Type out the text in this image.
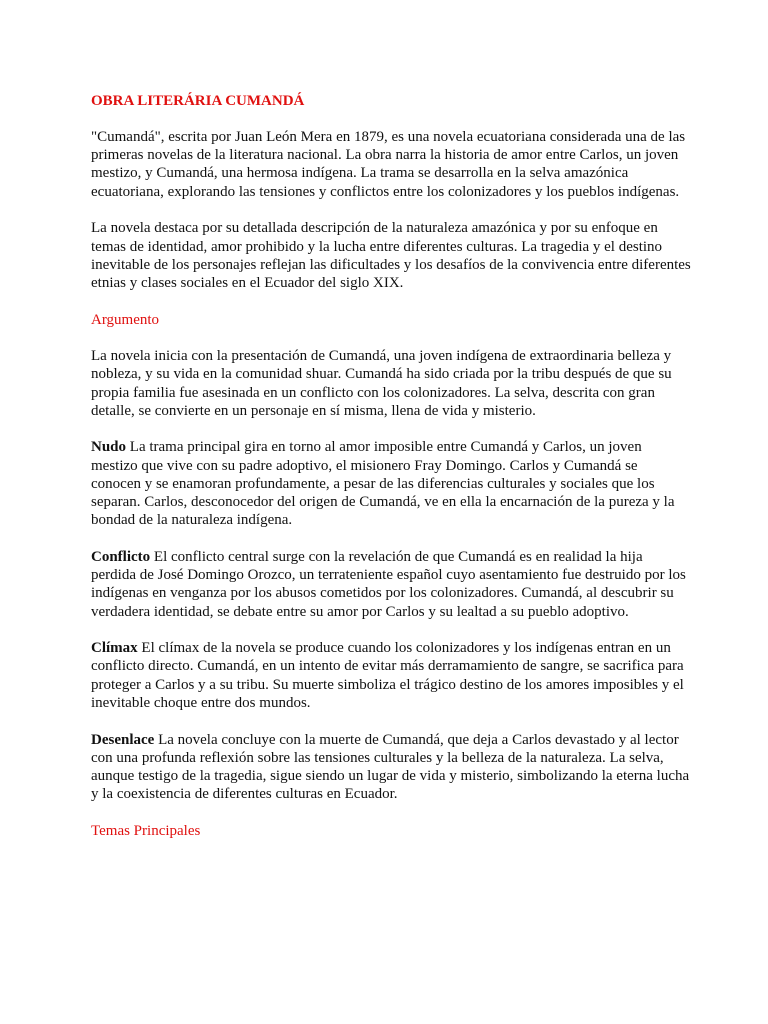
OBRA LITERÁRIA CUMANDÁ

"Cumandá", escrita por Juan León Mera en 1879, es una novela ecuatoriana considerada una de las primeras novelas de la literatura nacional. La obra narra la historia de amor entre Carlos, un joven mestizo, y Cumandá, una hermosa indígena. La trama se desarrolla en la selva amazónica ecuatoriana, explorando las tensiones y conflictos entre los colonizadores y los pueblos indígenas.

La novela destaca por su detallada descripción de la naturaleza amazónica y por su enfoque en temas de identidad, amor prohibido y la lucha entre diferentes culturas. La tragedia y el destino inevitable de los personajes reflejan las dificultades y los desafíos de la convivencia entre diferentes etnias y clases sociales en el Ecuador del siglo XIX.

Argumento

La novela inicia con la presentación de Cumandá, una joven indígena de extraordinaria belleza y nobleza, y su vida en la comunidad shuar. Cumandá ha sido criada por la tribu después de que su propia familia fue asesinada en un conflicto con los colonizadores. La selva, descrita con gran detalle, se convierte en un personaje en sí misma, llena de vida y misterio.

Nudo La trama principal gira en torno al amor imposible entre Cumandá y Carlos, un joven mestizo que vive con su padre adoptivo, el misionero Fray Domingo. Carlos y Cumandá se conocen y se enamoran profundamente, a pesar de las diferencias culturales y sociales que los separan. Carlos, desconocedor del origen de Cumandá, ve en ella la encarnación de la pureza y la bondad de la naturaleza indígena.

Conflicto El conflicto central surge con la revelación de que Cumandá es en realidad la hija perdida de José Domingo Orozco, un terrateniente español cuyo asentamiento fue destruido por los indígenas en venganza por los abusos cometidos por los colonizadores. Cumandá, al descubrir su verdadera identidad, se debate entre su amor por Carlos y su lealtad a su pueblo adoptivo.

Clímax El clímax de la novela se produce cuando los colonizadores y los indígenas entran en un conflicto directo. Cumandá, en un intento de evitar más derramamiento de sangre, se sacrifica para proteger a Carlos y a su tribu. Su muerte simboliza el trágico destino de los amores imposibles y el inevitable choque entre dos mundos.

Desenlace La novela concluye con la muerte de Cumandá, que deja a Carlos devastado y al lector con una profunda reflexión sobre las tensiones culturales y la belleza de la naturaleza. La selva, aunque testigo de la tragedia, sigue siendo un lugar de vida y misterio, simbolizando la eterna lucha y la coexistencia de diferentes culturas en Ecuador.

Temas Principales
